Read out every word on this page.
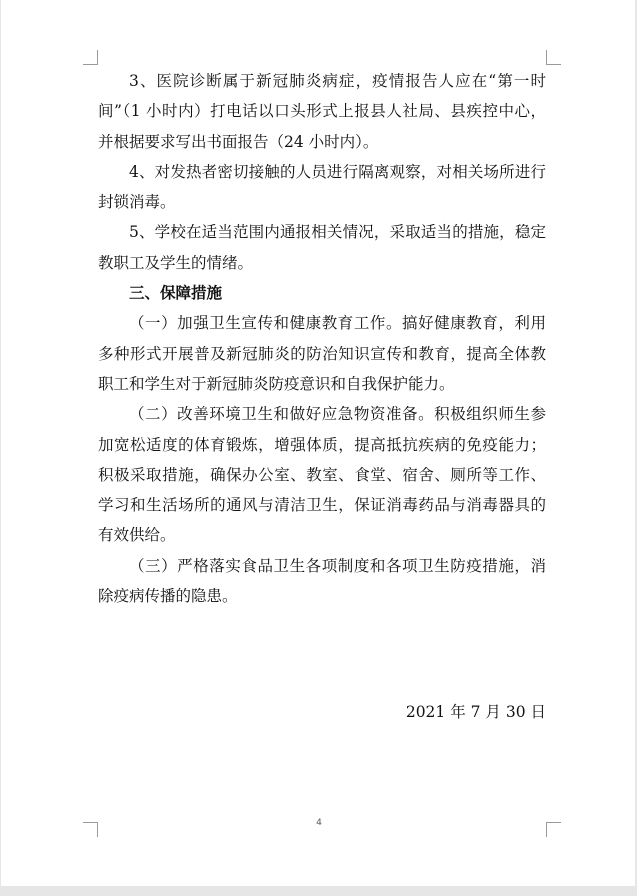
3、医院诊断属于新冠肺炎病症，疫情报告人应在“第一时间”（1 小时内）打电话以口头形式上报县人社局、县疾控中心，并根据要求写出书面报告（24 小时内）。

4、对发热者密切接触的人员进行隔离观察，对相关场所进行封锁消毒。

5、学校在适当范围内通报相关情况，采取适当的措施，稳定教职工及学生的情绪。

三、保障措施

（一）加强卫生宣传和健康教育工作。搞好健康教育，利用多种形式开展普及新冠肺炎的防治知识宣传和教育，提高全体教职工和学生对于新冠肺炎防疫意识和自我保护能力。

（二）改善环境卫生和做好应急物资准备。积极组织师生参加宽松适度的体育锻炼，增强体质，提高抵抗疾病的免疫能力；积极采取措施，确保办公室、教室、食堂、宿舍、厕所等工作、学习和生活场所的通风与清洁卫生，保证消毒药品与消毒器具的有效供给。

（三）严格落实食品卫生各项制度和各项卫生防疫措施，消除疫病传播的隐患。

2021 年 7 月 30 日
4
